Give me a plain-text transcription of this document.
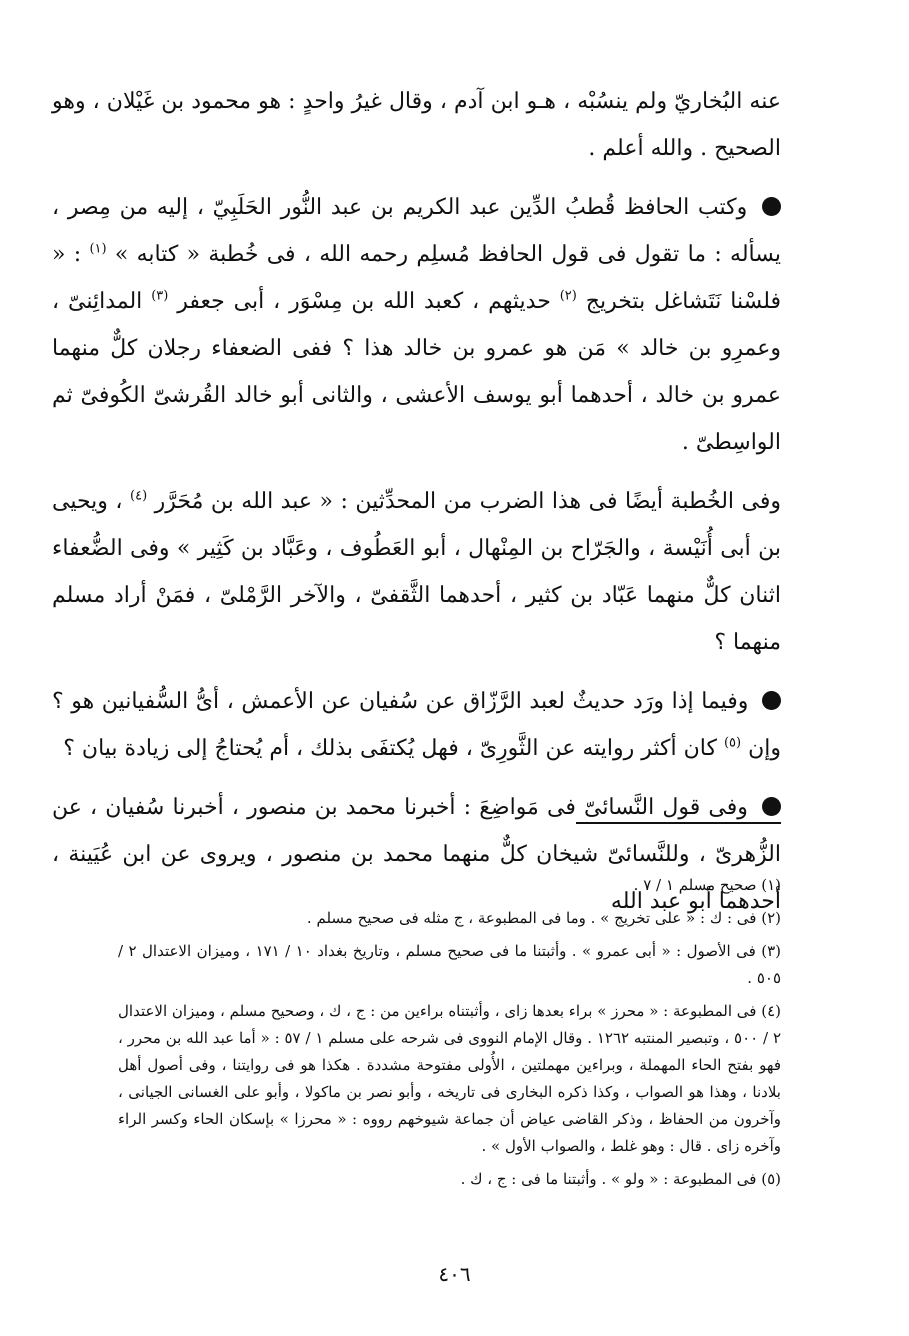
عنه البُخاريّ ولم ينسُبْه ، هـو ابن آدم ، وقال غيرُ واحدٍ : هو محمود بن غَيْلان ، وهو الصحيح . والله أعلم .

وكتب الحافظ قُطبُ الدِّين عبد الكريم بن عبد النُّور الحَلَبِيّ ، إليه من مِصر ، يسأله : ما تقول فى قول الحافظ مُسلِم رحمه الله ، فى خُطبة « كتابه » $^{(١)}$ : « فلسْنا نَتَشاغل بتخريج $^{(٢)}$ حديثهم ، كعبد الله بن مِسْوَر ، أبى جعفر $^{(٣)}$ المدائِنىّ ، وعمرِو بن خالد » مَن هو عمرو بن خالد هذا ؟ ففى الضعفاء رجلان كلٌّ منهما عمرو بن خالد ، أحدهما أبو يوسف الأعشى ، والثانى أبو خالد القُرشىّ الكُوفىّ ثم الواسِطىّ .

وفى الخُطبة أيضًا فى هذا الضرب من المحدِّثين : « عبد الله بن مُحَرَّر $^{(٤)}$ ، ويحيى بن أبى أُنَيْسة ، والجَرّاح بن المِنْهال ، أبو العَطُوف ، وعَبَّاد بن كَثِير » وفى الضُّعفاء اثنان كلٌّ منهما عَبّاد بن كثير ، أحدهما الثَّقفىّ ، والآخر الرَّمْلىّ ، فمَنْ أراد مسلم منهما ؟

وفيما إذا ورَد حديثٌ لعبد الرَّزّاق عن سُفيان عن الأعمش ، أىُّ السُّفيانين هو ؟ وإن $^{(٥)}$ كان أكثر روايته عن الثَّورِىّ ، فهل يُكتفَى بذلك ، أم يُحتاجُ إلى زيادة بيان ؟

وفى قول النَّسائىّ فى مَواضِعَ : أخبرنا محمد بن منصور ، أخبرنا سُفيان ، عن الزُّهرىّ ، وللنَّسائىّ شيخان كلٌّ منهما محمد بن منصور ، ويروى عن ابن عُيَينة ، أحدهما أبو عبد الله

(١) صحيح مسلم ١ / ٧ .

(٢) فى : ك : « على تخريج » . وما فى المطبوعة ، ج مثله فى صحيح مسلم .

(٣) فى الأصول : « أبى عمرو » . وأثبتنا ما فى صحيح مسلم ، وتاريخ بغداد ١٠ / ١٧١ ، وميزان الاعتدال ٢ / ٥٠٥ .

(٤) فى المطبوعة : « محرز » براء بعدها زاى ، وأثبتناه براءين من : ج ، ك ، وصحيح مسلم ، وميزان الاعتدال ٢ / ٥٠٠ ، وتبصير المنتبه ١٢٦٢ . وقال الإمام النووى فى شرحه على مسلم ١ / ٥٧ : « أما عبد الله بن محرر ، فهو بفتح الحاء المهملة ، وبراءين مهملتين ، الأُولى مفتوحة مشددة . هكذا هو فى روايتنا ، وفى أصول أهل بلادنا ، وهذا هو الصواب ، وكذا ذكره البخارى فى تاريخه ، وأبو نصر بن ماكولا ، وأبو على الغسانى الجيانى ، وآخرون من الحفاظ ، وذكر القاضى عياض أن جماعة شيوخهم رووه : « محرزا » بإسكان الحاء وكسر الراء وآخره زاى . قال : وهو غلط ، والصواب الأول » .

(٥) فى المطبوعة : « ولو » . وأثبتنا ما فى : ج ، ك .

٤٠٦
